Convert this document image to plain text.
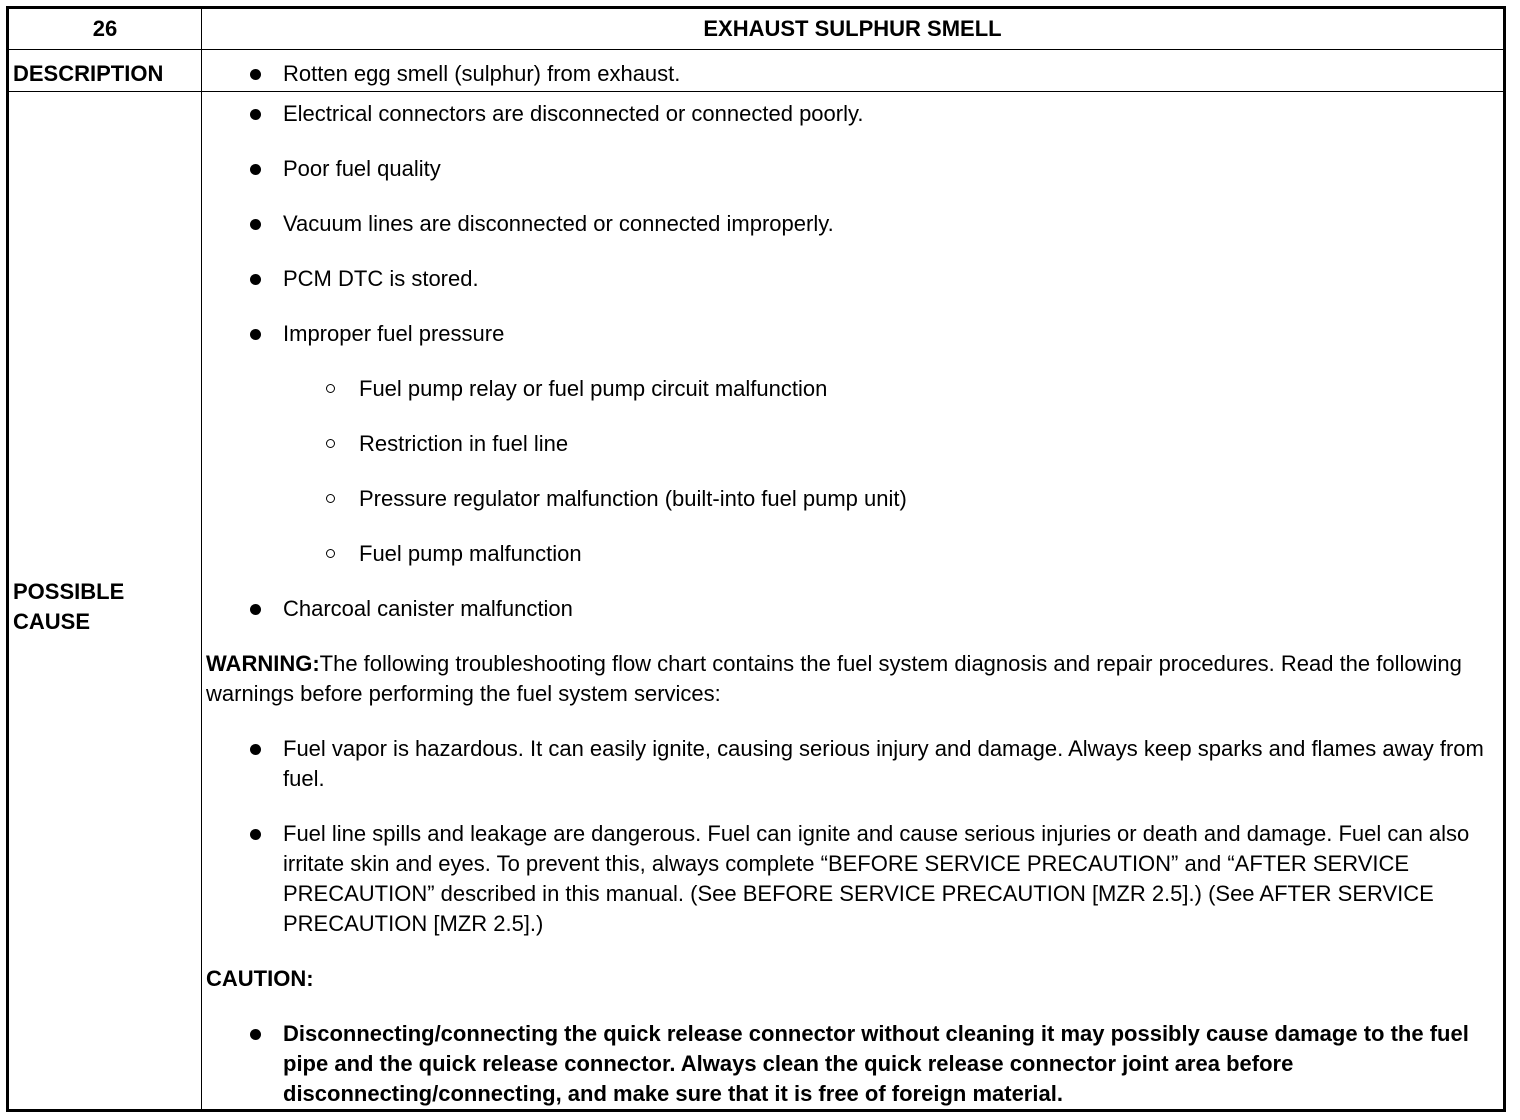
26	EXHAUST SULPHUR SMELL
DESCRIPTION
POSSIBLE
CAUSE
Rotten egg smell (sulphur) from exhaust.
Electrical connectors are disconnected or connected poorly.
Poor fuel quality
Vacuum lines are disconnected or connected improperly.
PCM DTC is stored.
Improper fuel pressure
Fuel pump relay or fuel pump circuit malfunction
Restriction in fuel line
Pressure regulator malfunction (built-into fuel pump unit)
Fuel pump malfunction
Charcoal canister malfunction
WARNING:The following troubleshooting flow chart contains the fuel system diagnosis and repair procedures. Read the following warnings before performing the fuel system services:
Fuel vapor is hazardous. It can easily ignite, causing serious injury and damage. Always keep sparks and flames away from fuel.
Fuel line spills and leakage are dangerous. Fuel can ignite and cause serious injuries or death and damage. Fuel can also irritate skin and eyes. To prevent this, always complete “BEFORE SERVICE PRECAUTION” and “AFTER SERVICE PRECAUTION” described in this manual. (See BEFORE SERVICE PRECAUTION [MZR 2.5].) (See AFTER SERVICE PRECAUTION [MZR 2.5].)
CAUTION:
Disconnecting/connecting the quick release connector without cleaning it may possibly cause damage to the fuel pipe and the quick release connector. Always clean the quick release connector joint area before disconnecting/connecting, and make sure that it is free of foreign material.
